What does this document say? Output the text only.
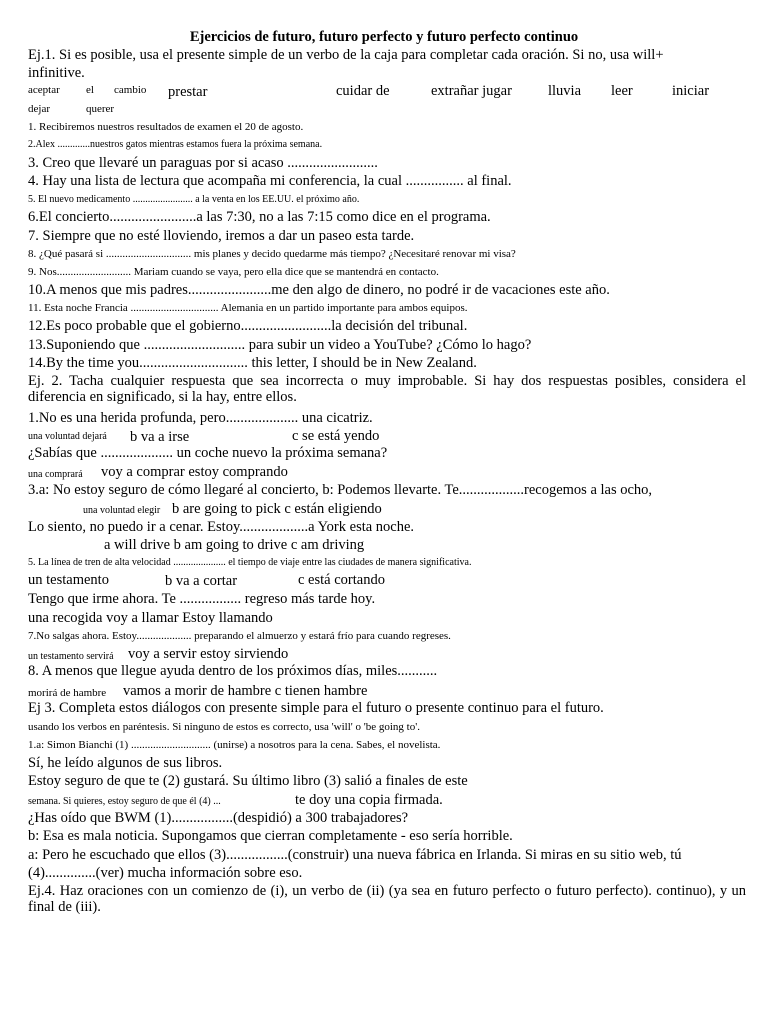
Ejercicios de futuro, futuro perfecto y futuro perfecto continuo
Ej.1. Si es posible, usa el presente simple de un verbo de la caja para completar cada oración. Si no, usa will+
infinitive.
aceptar el cambio prestar	cuidar de	extrañar jugar lluvia leer	iniciar
dejar	querer
1. Recibiremos nuestros resultados de examen el 20 de agosto.
2.Alex .............nuestros gatos mientras estamos fuera la próxima semana.
3. Creo que llevaré un paraguas por si acaso .........................
4. Hay una lista de lectura que acompaña mi conferencia, la cual ................ al final.
5. El nuevo medicamento ........................ a la venta en los EE.UU. el próximo año.
6.El concierto........................a las 7:30, no a las 7:15 como dice en el programa.
7. Siempre que no esté lloviendo, iremos a dar un paseo esta tarde.
8. ¿Qué pasará si ............................... mis planes y decido quedarme más tiempo? ¿Necesitaré renovar mi visa?
9. Nos........................... Mariam cuando se vaya, pero ella dice que se mantendrá en contacto.
10.A menos que mis padres.......................me den algo de dinero, no podré ir de vacaciones este año.
11. Esta noche Francia ................................ Alemania en un partido importante para ambos equipos.
12.Es poco probable que el gobierno.........................la decisión del tribunal.
13.Suponiendo que ............................ para subir un video a YouTube? ¿Cómo lo hago?
14.By the time you.............................. this letter, I should be in New Zealand.
Ej. 2. Tacha cualquier respuesta que sea incorrecta o muy improbable. Si hay dos respuestas posibles, considera el diferencia en significado, si la hay, entre ellos.
1.No es una herida profunda, pero.................... una cicatriz.
una voluntad dejará b va a irse	c se está yendo
¿Sabías que .................... un coche nuevo la próxima semana?
una comprará voy a comprar estoy comprando
3.a: No estoy seguro de cómo llegaré al concierto, b: Podemos llevarte. Te..................recogemos a las ocho,
una voluntad elegir b are going to pick c están eligiendo
Lo siento, no puedo ir a cenar. Estoy...................a York esta noche.
a will drive b am going to drive c am driving
5. La línea de tren de alta velocidad ..................... el tiempo de viaje entre las ciudades de manera significativa.
un testamento	b va a cortar	c está cortando
Tengo que irme ahora. Te ................. regreso más tarde hoy.
una recogida voy a llamar Estoy llamando
7.No salgas ahora. Estoy.................... preparando el almuerzo y estará frío para cuando regreses.
un testamento servirá voy a servir estoy sirviendo
8. A menos que llegue ayuda dentro de los próximos días, miles...........
morirá de hambre vamos a morir de hambre c tienen hambre
Ej 3. Completa estos diálogos con presente simple para el futuro o presente continuo para el futuro.
usando los verbos en paréntesis. Si ninguno de estos es correcto, usa 'will' o 'be going to'.
1.a: Simon Bianchi (1) ............................. (unirse) a nosotros para la cena. Sabes, el novelista.
Sí, he leído algunos de sus libros.
Estoy seguro de que te (2) gustará. Su último libro (3) salió a finales de este
semana. Si quieres, estoy seguro de que él (4) ...	te doy una copia firmada.
¿Has oído que BWM (1).................(despidió) a 300 trabajadores?
b: Esa es mala noticia. Supongamos que cierran completamente - eso sería horrible.
a: Pero he escuchado que ellos (3).................(construir) una nueva fábrica en Irlanda. Si miras en su sitio web, tú
(4)..............(ver) mucha información sobre eso.
Ej.4. Haz oraciones con un comienzo de (i), un verbo de (ii) (ya sea en futuro perfecto o futuro perfecto). continuo), y un final de (iii).
